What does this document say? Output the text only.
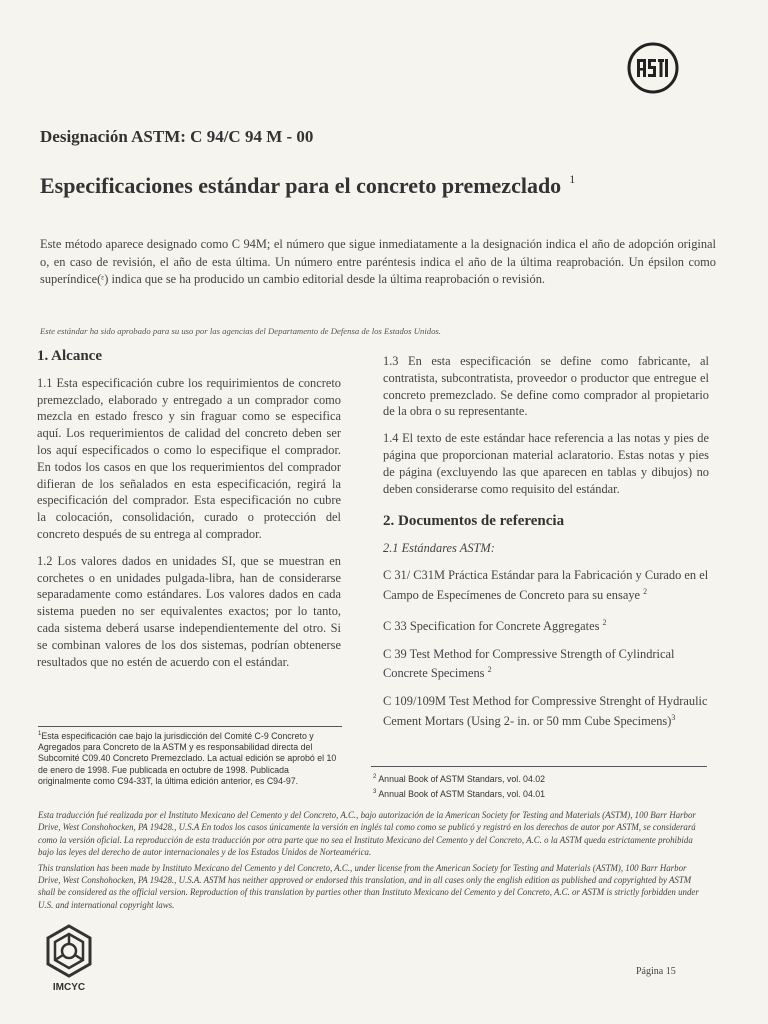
Designación ASTM: C 94/C 94 M - 00
Especificaciones estándar para el concreto premezclado $^1$
Este método aparece designado como C 94M; el número que sigue inmediatamente a la designación indica el año de adopción original o, en caso de revisión, el año de esta última. Un número entre paréntesis indica el año de la última reaprobación. Un épsilon como superíndice(ᵋ) indica que se ha producido un cambio editorial desde la última reaprobación o revisión.
Este estándar ha sido aprobado para su uso por las agencias del Departamento de Defensa de los Estados Unidos.
1. Alcance

1.1 Esta especificación cubre los requirimientos de concreto premezclado, elaborado y entregado a un comprador como mezcla en estado fresco y sin fraguar como se especifica aquí. Los requerimientos de calidad del concreto deben ser los aquí especificados o como lo especifique el comprador. En todos los casos en que los requerimientos del comprador difieran de los señalados en esta especificación, regirá la especificación del comprador. Esta especificación no cubre la colocación, consolidación, curado o protección del concreto después de su entrega al comprador.

1.2 Los valores dados en unidades SI, que se muestran en corchetes o en unidades pulgada-libra, han de considerarse separadamente como estándares. Los valores dados en cada sistema pueden no ser equivalentes exactos; por lo tanto, cada sistema deberá usarse independientemente del otro. Si se combinan valores de los dos sistemas, podrían obtenerse resultados que no estén de acuerdo con el estándar.

1.3 En esta especificación se define como fabricante, al contratista, subcontratista, proveedor o productor que entregue el concreto premezclado. Se define como comprador al propietario de la obra o su representante.

1.4 El texto de este estándar hace referencia a las notas y pies de página que proporcionan material aclaratorio. Estas notas y pies de página (excluyendo las que aparecen en tablas y dibujos) no deben considerarse como requisito del estándar.

2. Documentos de referencia

2.1 Estándares ASTM:

C 31/ C31M Práctica Estándar para la Fabricación y Curado en el Campo de Especímenes de Concreto para su ensaye $^2$

C 33 Specification for Concrete Aggregates $^2$

C 39 Test Method for Compressive Strength of Cylindrical Concrete Specimens $^2$

C 109/109M Test Method for Compressive Strenght of Hydraulic Cement Mortars (Using 2- in. or 50 mm Cube Specimens)$^3$

$^1$Esta especificación cae bajo la jurisdicción del Comité C-9 Concreto y Agregados para Concreto de la ASTM y es responsabilidad directa del Subcomité C09.40 Concreto Premezclado. La actual edición se aprobó el 10 de enero de 1998. Fue publicada en octubre de 1998. Publicada originalmente como C94-33T, la última edición anterior, es C94-97.	$^2$ Annual Book of ASTM Standars, vol. 04.02
$^3$ Annual Book of ASTM Standars, vol. 04.01

Esta traducción fué realizada por el Instituto Mexicano del Cemento y del Concreto, A.C., bajo autorización de la American Society for Testing and Materials (ASTM), 100 Barr Harbor Drive, West Conshohocken, PA 19428., U.S.A En todos los casos únicamente la versión en inglés tal como como se publicó y registró en los derechos de autor por ASTM, se considerará como la versión oficial. La reproducción de esta traducción por otra parte que no sea el Instituto Mexicano del Cemento y del Concreto, A.C. o la ASTM queda estrictamente prohibida bajo las leyes del derecho de autor internacionales y de los Estados Unidos de Norteamérica.

This translation has been made by Instituto Mexicano del Cemento y del Concreto, A.C., under license from the American Society for Testing and Materials (ASTM), 100 Barr Harbor Drive, West Conshohocken, PA 19428., U.S.A. ASTM has neither approved or endorsed this translation, and in all cases only the english edition as published and copyrighted by ASTM shall be considered as the official version. Reproduction of this translation by parties other than Instituto Mexicano del Cemento y del Concreto, A.C. or ASTM is strictly forbidden under U.S. and international copyright laws.

IMCYC
Página 15
